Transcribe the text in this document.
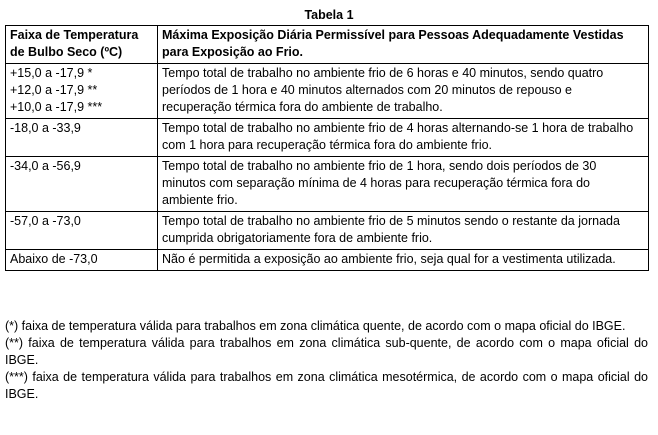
Tabela 1
Faixa de Temperatura de Bulbo Seco (ºC)	Máxima Exposição Diária Permissível para Pessoas Adequadamente Vestidas para Exposição ao Frio.

+15,0 a -17,9 *
+12,0 a -17,9 **
+10,0 a -17,9 ***	Tempo total de trabalho no ambiente frio de 6 horas e 40 minutos, sendo quatro períodos de 1 hora e 40 minutos alternados com 20 minutos de repouso e recuperação térmica fora do ambiente de trabalho.
-18,0 a -33,9	Tempo total de trabalho no ambiente frio de 4 horas alternando-se 1 hora de trabalho com 1 hora para recuperação térmica fora do ambiente frio.
-34,0 a -56,9	Tempo total de trabalho no ambiente frio de 1 hora, sendo dois períodos de 30 minutos com separação mínima de 4 horas para recuperação térmica fora do ambiente frio.
-57,0 a -73,0	Tempo total de trabalho no ambiente frio de 5 minutos sendo o restante da jornada cumprida obrigatoriamente fora de ambiente frio.
Abaixo de -73,0	Não é permitida a exposição ao ambiente frio, seja qual for a vestimenta utilizada.
(*) faixa de temperatura válida para trabalhos em zona climática quente, de acordo com o mapa oficial do IBGE.
(**) faixa de temperatura válida para trabalhos em zona climática sub-quente, de acordo com o mapa oficial do IBGE.
(***) faixa de temperatura válida para trabalhos em zona climática mesotérmica, de acordo com o mapa oficial do IBGE.
